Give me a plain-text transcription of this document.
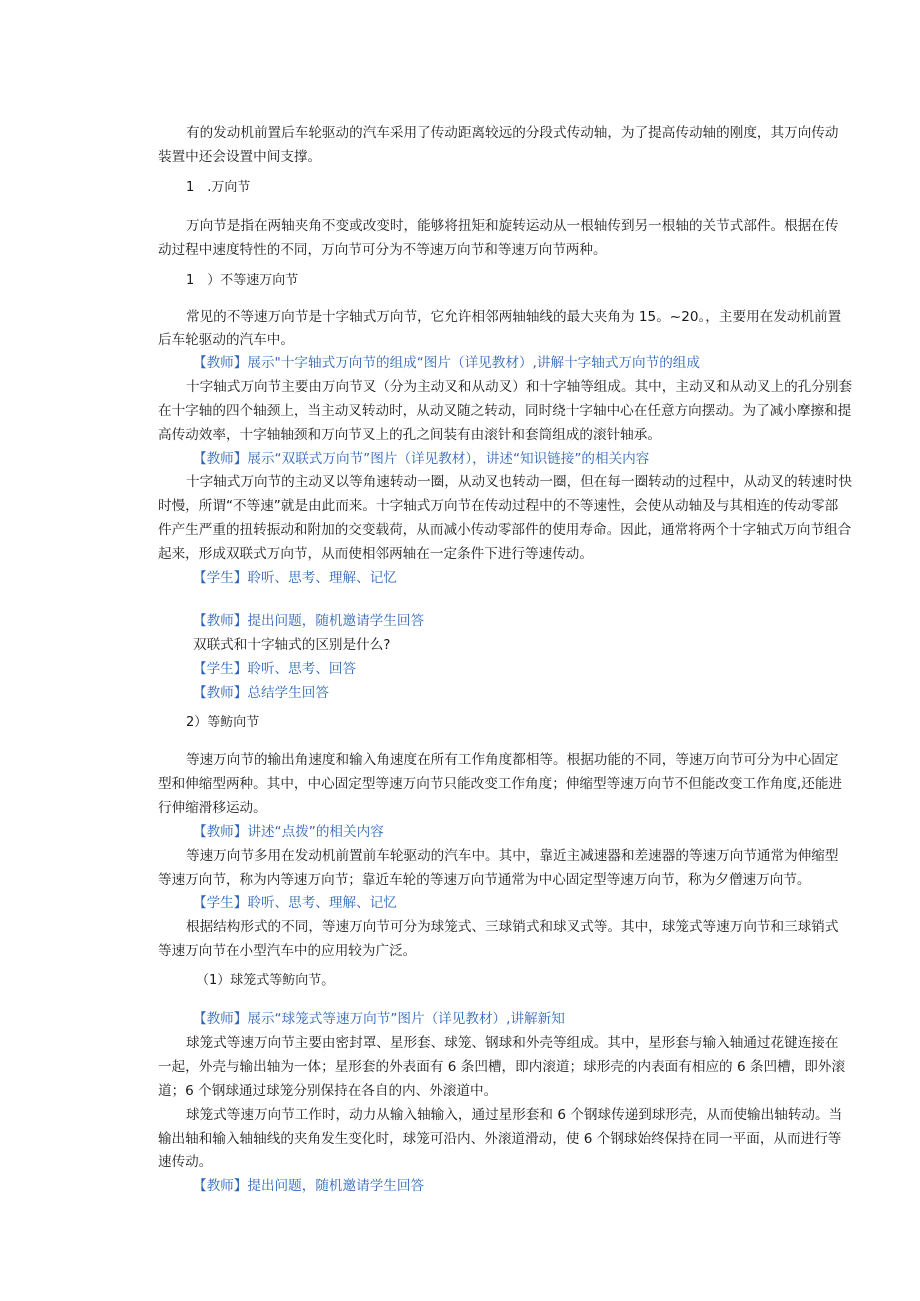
有的发动机前置后车轮驱动的汽车采用了传动距离较远的分段式传动轴，为了提高传动轴的刚度，其万向传动
装置中还会设置中间支撑。
1　.万向节
万向节是指在两轴夹角不变或改变时，能够将扭矩和旋转运动从一根轴传到另一根轴的关节式部件。根据在传
动过程中速度特性的不同，万向节可分为不等速万向节和等速万向节两种。
1　）不等速万向节
常见的不等速万向节是十字轴式万向节，它允许相邻两轴轴线的最大夹角为 15。~20。，主要用在发动机前置
后车轮驱动的汽车中。
【教师】展示"十字轴式万向节的组成“图片（详见教材）,讲解十字轴式万向节的组成
十字轴式万向节主要由万向节叉（分为主动叉和从动叉）和十字轴等组成。其中，主动叉和从动叉上的孔分别套
在十字轴的四个轴颈上，当主动叉转动时，从动叉随之转动，同时绕十字轴中心在任意方向摆动。为了减小摩擦和提
高传动效率，十字轴轴颈和万向节叉上的孔之间装有由滚针和套筒组成的滚针轴承。
【教师】展示“双联式万向节”图片（详见教材），讲述“知识链接”的相关内容
十字轴式万向节的主动叉以等角速转动一圈，从动叉也转动一圈，但在每一圈转动的过程中，从动叉的转速时快
时慢，所谓“不等速”就是由此而来。十字轴式万向节在传动过程中的不等速性，会使从动轴及与其相连的传动零部
件产生严重的扭转振动和附加的交变载荷，从而减小传动零部件的使用寿命。因此，通常将两个十字轴式万向节组合
起来，形成双联式万向节，从而使相邻两轴在一定条件下进行等速传动。
【学生】聆听、思考、理解、记忆
【教师】提出问题，随机邀请学生回答
双联式和十字轴式的区别是什么?
【学生】聆听、思考、回答
【教师】总结学生回答
2）等鲂向节
等速万向节的输出角速度和输入角速度在所有工作角度都相等。根据功能的不同，等速万向节可分为中心固定
型和伸缩型两种。其中，中心固定型等速万向节只能改变工作角度；伸缩型等速万向节不但能改变工作角度,还能进
行伸缩滑移运动。
【教师】讲述“点拨”的相关内容
等速万向节多用在发动机前置前车轮驱动的汽车中。其中，靠近主减速器和差速器的等速万向节通常为伸缩型
等速万向节，称为内等速万向节；靠近车轮的等速万向节通常为中心固定型等速万向节，称为夕僧速万向节。
【学生】聆听、思考、理解、记忆
根据结构形式的不同，等速万向节可分为球笼式、三球销式和球叉式等。其中，球笼式等速万向节和三球销式
等速万向节在小型汽车中的应用较为广泛。
（1）球笼式等鲂向节。
【教师】展示“球笼式等速万向节”图片（详见教材）,讲解新知
球笼式等速万向节主要由密封罩、星形套、球笼、钢球和外壳等组成。其中，星形套与输入轴通过花键连接在
一起，外壳与输出轴为一体；星形套的外表面有 6 条凹槽，即内滚道；球形壳的内表面有相应的 6 条凹槽，即外滚
道；6 个钢球通过球笼分别保持在各自的内、外滚道中。
球笼式等速万向节工作时，动力从输入轴输入，通过星形套和 6 个钢球传递到球形壳，从而使输出轴转动。当
输出轴和输入轴轴线的夹角发生变化时，球笼可沿内、外滚道滑动，使 6 个钢球始终保持在同一平面，从而进行等
速传动。
【教师】提出问题，随机邀请学生回答
